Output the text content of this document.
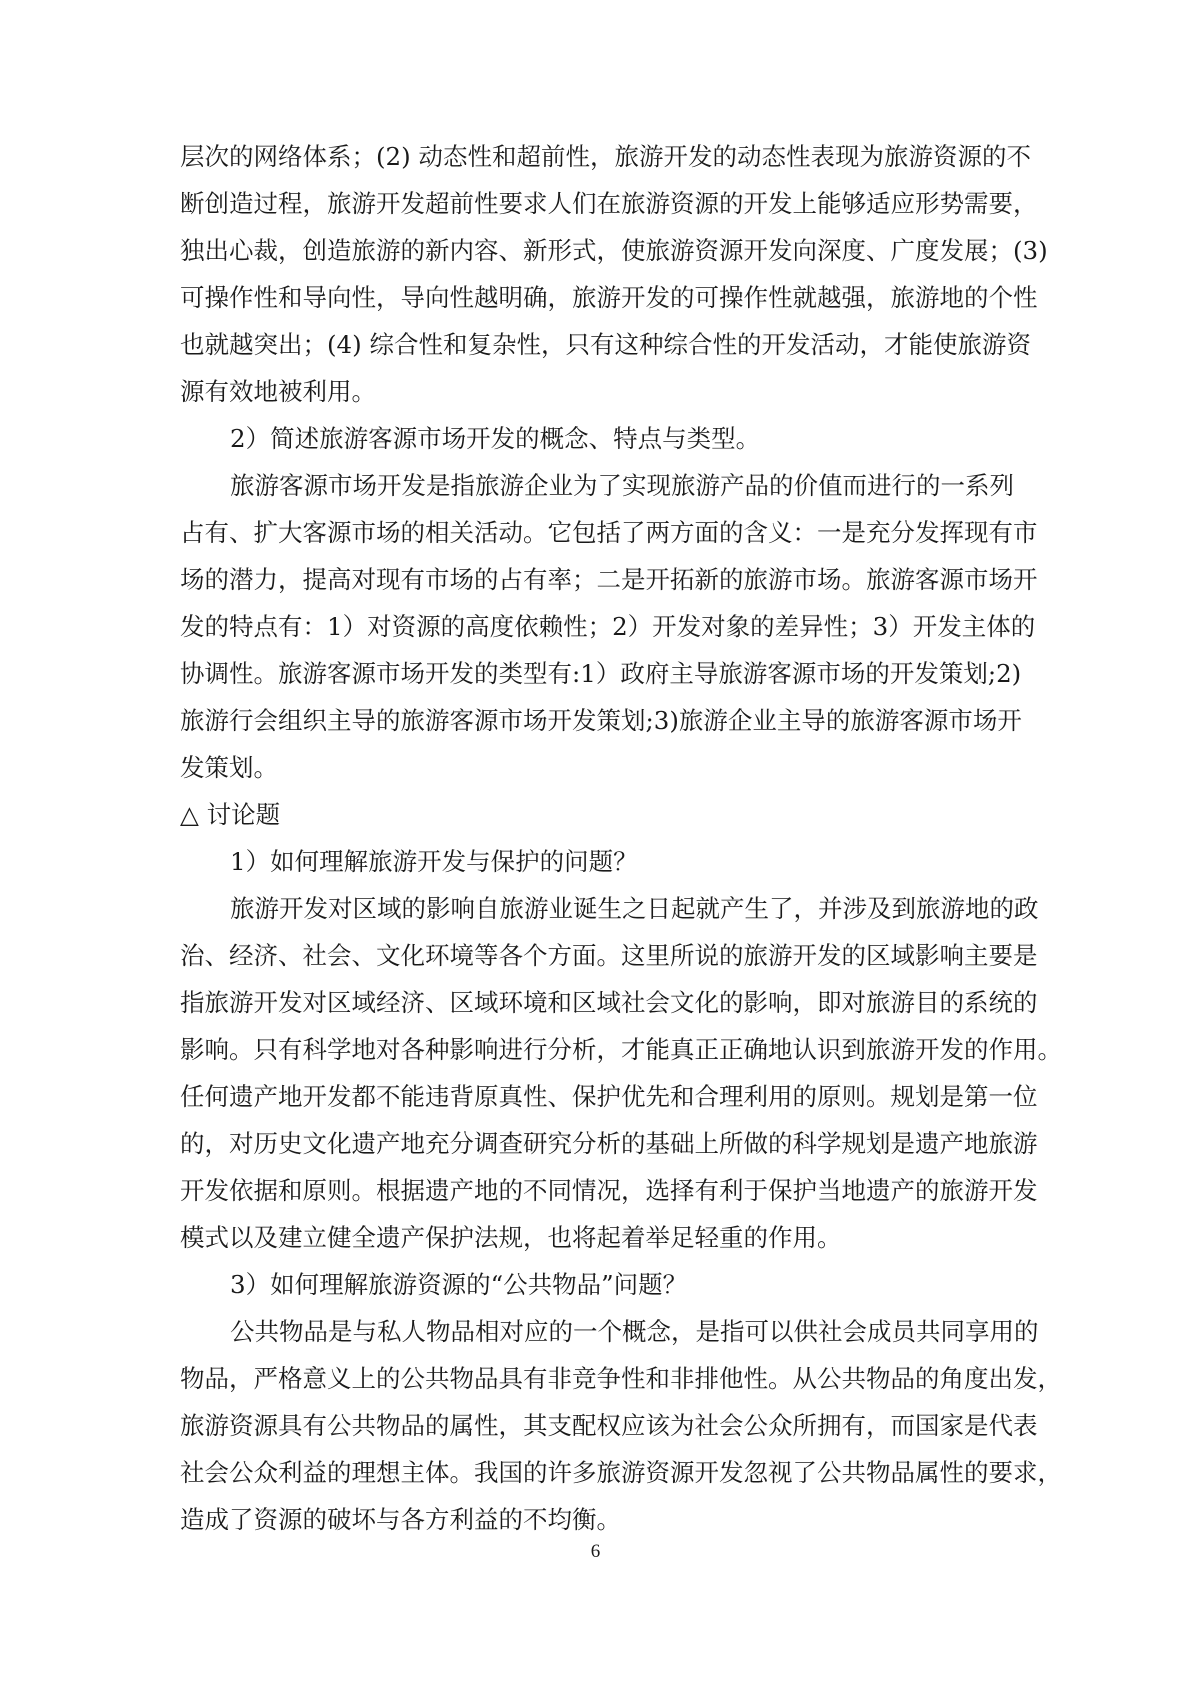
层次的网络体系；(2) 动态性和超前性，旅游开发的动态性表现为旅游资源的不
断创造过程，旅游开发超前性要求人们在旅游资源的开发上能够适应形势需要，
独出心裁，创造旅游的新内容、新形式，使旅游资源开发向深度、广度发展；(3)
可操作性和导向性，导向性越明确，旅游开发的可操作性就越强，旅游地的个性
也就越突出；(4) 综合性和复杂性，只有这种综合性的开发活动，才能使旅游资
源有效地被利用。
2）简述旅游客源市场开发的概念、特点与类型。
旅游客源市场开发是指旅游企业为了实现旅游产品的价值而进行的一系列
占有、扩大客源市场的相关活动。它包括了两方面的含义：一是充分发挥现有市
场的潜力，提高对现有市场的占有率；二是开拓新的旅游市场。旅游客源市场开
发的特点有：1）对资源的高度依赖性；2）开发对象的差异性；3）开发主体的
协调性。旅游客源市场开发的类型有:1）政府主导旅游客源市场的开发策划;2)
旅游行会组织主导的旅游客源市场开发策划;3)旅游企业主导的旅游客源市场开
发策划。
△ 讨论题
1）如何理解旅游开发与保护的问题？
旅游开发对区域的影响自旅游业诞生之日起就产生了，并涉及到旅游地的政
治、经济、社会、文化环境等各个方面。这里所说的旅游开发的区域影响主要是
指旅游开发对区域经济、区域环境和区域社会文化的影响，即对旅游目的系统的
影响。只有科学地对各种影响进行分析，才能真正正确地认识到旅游开发的作用。
任何遗产地开发都不能违背原真性、保护优先和合理利用的原则。规划是第一位
的，对历史文化遗产地充分调查研究分析的基础上所做的科学规划是遗产地旅游
开发依据和原则。根据遗产地的不同情况，选择有利于保护当地遗产的旅游开发
模式以及建立健全遗产保护法规，也将起着举足轻重的作用。
3）如何理解旅游资源的“公共物品”问题？
公共物品是与私人物品相对应的一个概念，是指可以供社会成员共同享用的
物品，严格意义上的公共物品具有非竞争性和非排他性。从公共物品的角度出发，
旅游资源具有公共物品的属性，其支配权应该为社会公众所拥有，而国家是代表
社会公众利益的理想主体。我国的许多旅游资源开发忽视了公共物品属性的要求，
造成了资源的破坏与各方利益的不均衡。
6
